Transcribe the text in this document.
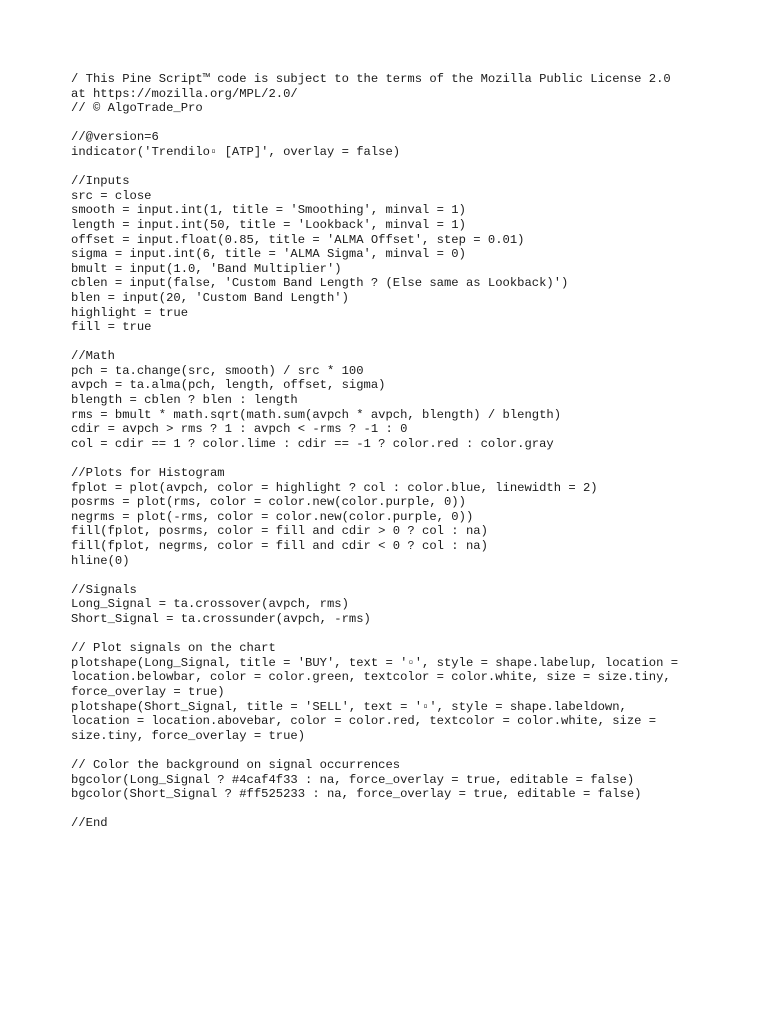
/ This Pine Script™ code is subject to the terms of the Mozilla Public License 2.0
at https://mozilla.org/MPL/2.0/
// © AlgoTrade_Pro
//@version=6
indicator('Trendilo▫ [ATP]', overlay = false)
//Inputs
src = close
smooth = input.int(1, title = 'Smoothing', minval = 1)
length = input.int(50, title = 'Lookback', minval = 1)
offset = input.float(0.85, title = 'ALMA Offset', step = 0.01)
sigma = input.int(6, title = 'ALMA Sigma', minval = 0)
bmult = input(1.0, 'Band Multiplier')
cblen = input(false, 'Custom Band Length ? (Else same as Lookback)')
blen = input(20, 'Custom Band Length')
highlight = true
fill = true
//Math
pch = ta.change(src, smooth) / src * 100
avpch = ta.alma(pch, length, offset, sigma)
blength = cblen ? blen : length
rms = bmult * math.sqrt(math.sum(avpch * avpch, blength) / blength)
cdir = avpch > rms ? 1 : avpch < -rms ? -1 : 0
col = cdir == 1 ? color.lime : cdir == -1 ? color.red : color.gray
//Plots for Histogram
fplot = plot(avpch, color = highlight ? col : color.blue, linewidth = 2)
posrms = plot(rms, color = color.new(color.purple, 0))
negrms = plot(-rms, color = color.new(color.purple, 0))
fill(fplot, posrms, color = fill and cdir > 0 ? col : na)
fill(fplot, negrms, color = fill and cdir < 0 ? col : na)
hline(0)
//Signals
Long_Signal = ta.crossover(avpch, rms)
Short_Signal = ta.crossunder(avpch, -rms)
// Plot signals on the chart
plotshape(Long_Signal, title = 'BUY', text = '▫', style = shape.labelup, location =
location.belowbar, color = color.green, textcolor = color.white, size = size.tiny,
force_overlay = true)
plotshape(Short_Signal, title = 'SELL', text = '▫', style = shape.labeldown,
location = location.abovebar, color = color.red, textcolor = color.white, size =
size.tiny, force_overlay = true)
// Color the background on signal occurrences
bgcolor(Long_Signal ? #4caf4f33 : na, force_overlay = true, editable = false)
bgcolor(Short_Signal ? #ff525233 : na, force_overlay = true, editable = false)
//End
